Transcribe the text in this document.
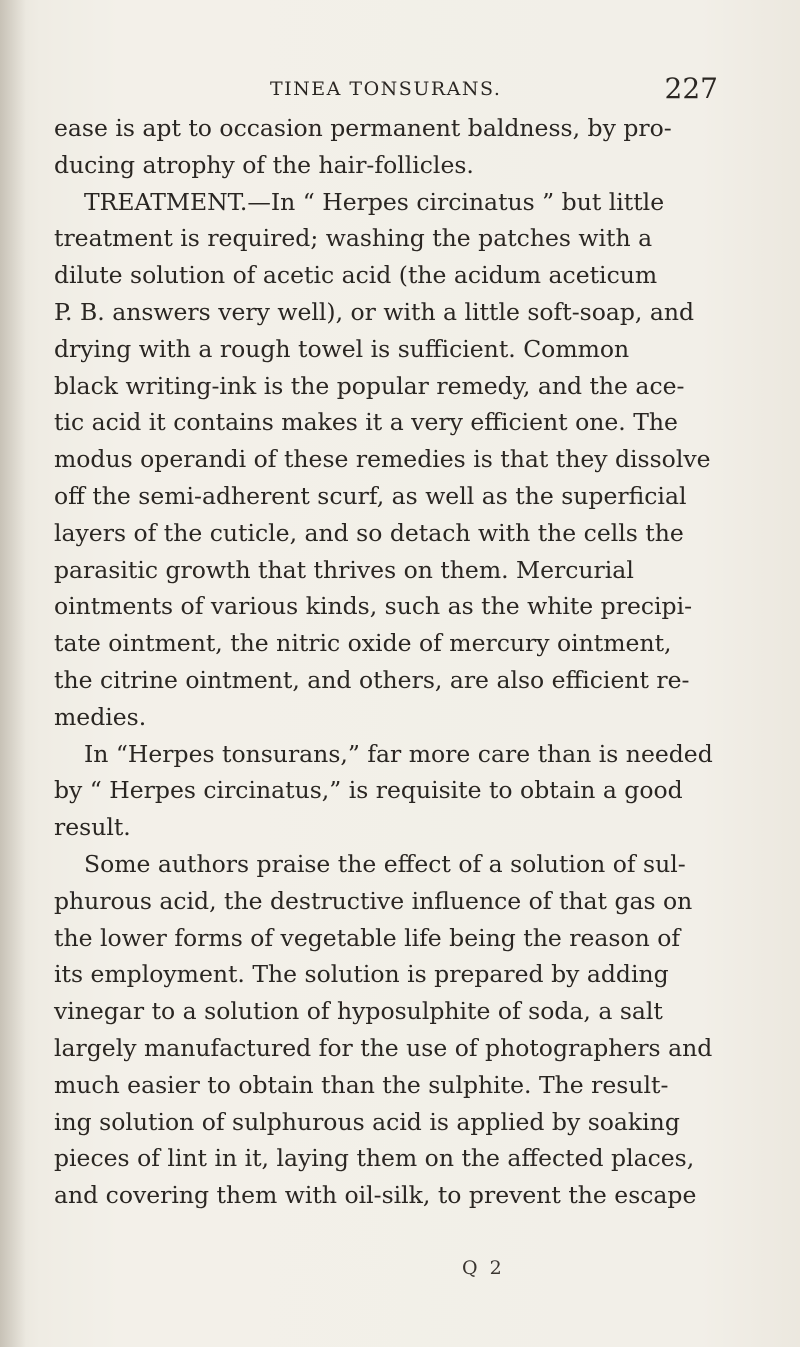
TINEA TONSURANS.	227
ease is apt to occasion permanent baldness, by pro-
ducing atrophy of the hair-follicles.
TREATMENT.—In “ Herpes circinatus ” but little
treatment is required; washing the patches with a
dilute solution of acetic acid (the acidum aceticum
P. B. answers very well), or with a little soft-soap, and
drying with a rough towel is sufficient. Common
black writing-ink is the popular remedy, and the ace-
tic acid it contains makes it a very efficient one. The
modus operandi of these remedies is that they dissolve
off the semi-adherent scurf, as well as the superficial
layers of the cuticle, and so detach with the cells the
parasitic growth that thrives on them. Mercurial
ointments of various kinds, such as the white precipi-
tate ointment, the nitric oxide of mercury ointment,
the citrine ointment, and others, are also efficient re-
medies.
In “Herpes tonsurans,” far more care than is needed
by “ Herpes circinatus,” is requisite to obtain a good
result.
Some authors praise the effect of a solution of sul-
phurous acid, the destructive influence of that gas on
the lower forms of vegetable life being the reason of
its employment. The solution is prepared by adding
vinegar to a solution of hyposulphite of soda, a salt
largely manufactured for the use of photographers and
much easier to obtain than the sulphite. The result-
ing solution of sulphurous acid is applied by soaking
pieces of lint in it, laying them on the affected places,
and covering them with oil-silk, to prevent the escape
Q 2
